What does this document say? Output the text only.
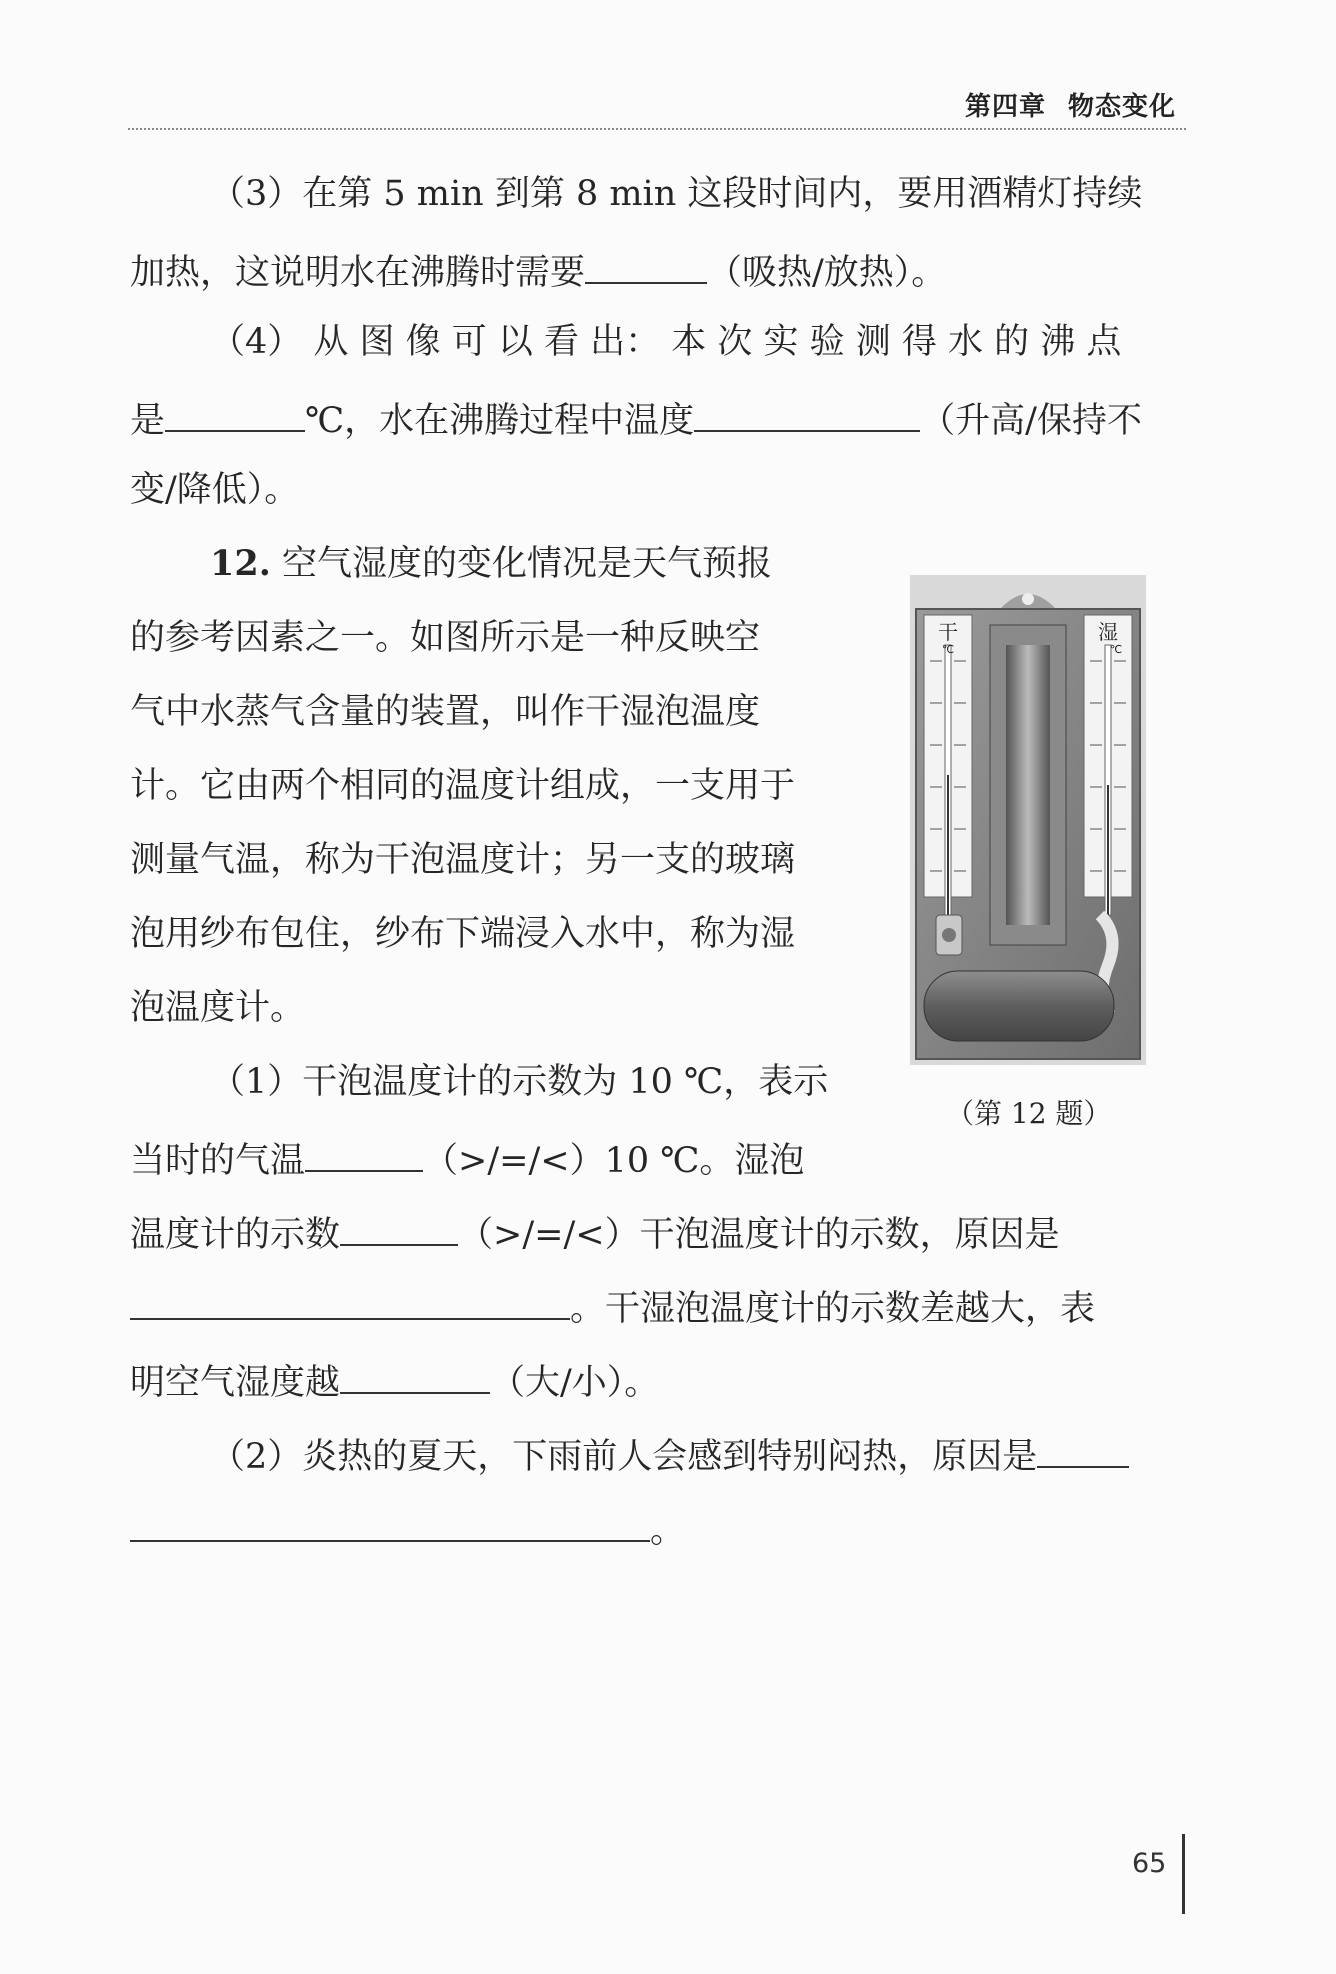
第四章 物态变化
（3）在第 5 min 到第 8 min 这段时间内，要用酒精灯持续
加热，这说明水在沸腾时需要	（吸热/放热）。
（4） 从 图 像 可 以 看 出： 本 次 实 验 测 得 水 的 沸 点
是	℃，水在沸腾过程中温度	（升高/保持不
变/降低）。
12. 空气湿度的变化情况是天气预报
的参考因素之一。如图所示是一种反映空
气中水蒸气含量的装置，叫作干湿泡温度
计。它由两个相同的温度计组成，一支用于
测量气温，称为干泡温度计；另一支的玻璃
泡用纱布包住，纱布下端浸入水中，称为湿
泡温度计。
（1）干泡温度计的示数为 10 ℃，表示
当时的气温	（>/=/<）10 ℃。湿泡
温度计的示数	（>/=/<）干泡温度计的示数，原因是
。干湿泡温度计的示数差越大，表
明空气湿度越	（大/小）。
（2）炎热的夏天，下雨前人会感到特别闷热，原因是
。
干
℃
湿
℃
（第 12 题）
65
